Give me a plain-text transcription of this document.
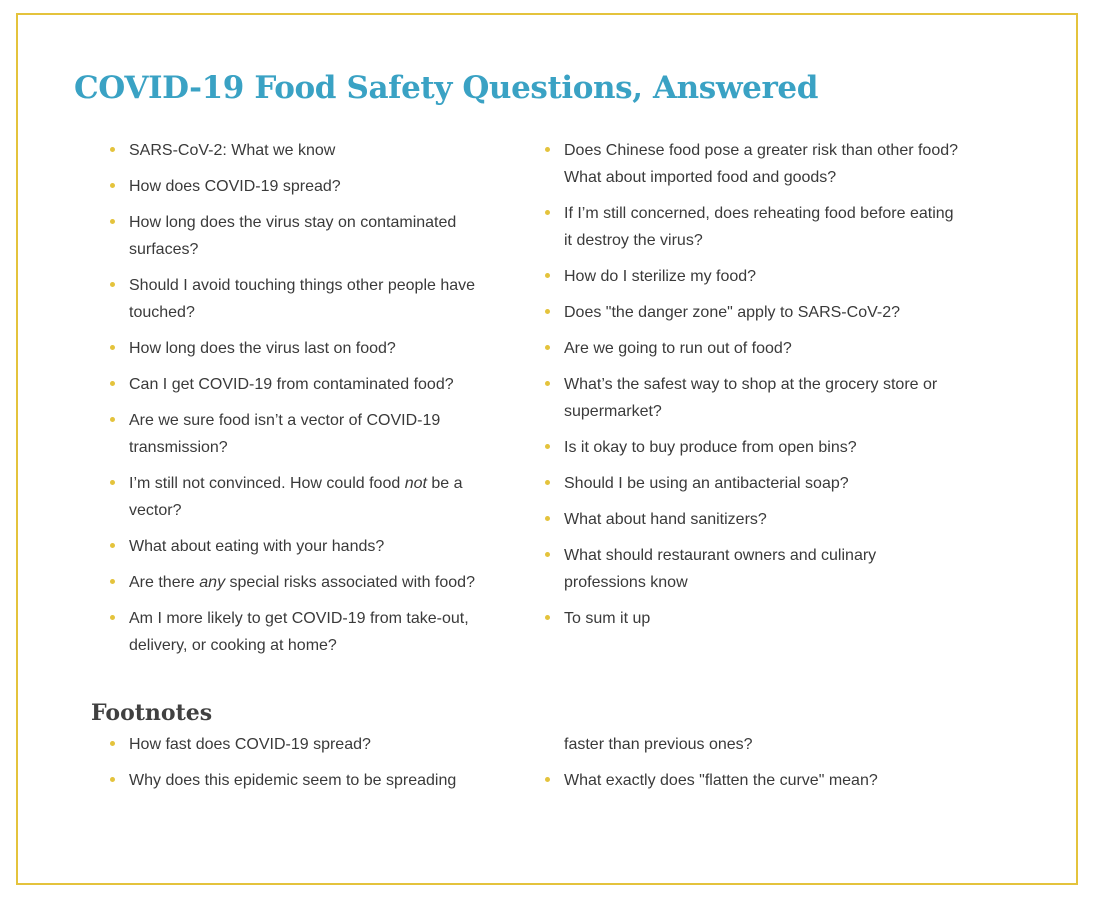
COVID-19 Food Safety Questions, Answered
SARS-CoV-2: What we know
How does COVID-19 spread?
How long does the virus stay on contaminated surfaces?
Should I avoid touching things other people have touched?
How long does the virus last on food?
Can I get COVID-19 from contaminated food?
Are we sure food isn’t a vector of COVID-19 transmission?
I’m still not convinced. How could food not be a vector?
What about eating with your hands?
Are there any special risks associated with food?
Am I more likely to get COVID-19 from take-out, delivery, or cooking at home?
Does Chinese food pose a greater risk than other food? What about imported food and goods?
If I’m still concerned, does reheating food before eating it destroy the virus?
How do I sterilize my food?
Does "the danger zone" apply to SARS-CoV-2?
Are we going to run out of food?
What’s the safest way to shop at the grocery store or supermarket?
Is it okay to buy produce from open bins?
Should I be using an antibacterial soap?
What about hand sanitizers?
What should restaurant owners and culinary professions know
To sum it up
Footnotes
How fast does COVID-19 spread?
Why does this epidemic seem to be spreading
faster than previous ones?
What exactly does "flatten the curve" mean?
